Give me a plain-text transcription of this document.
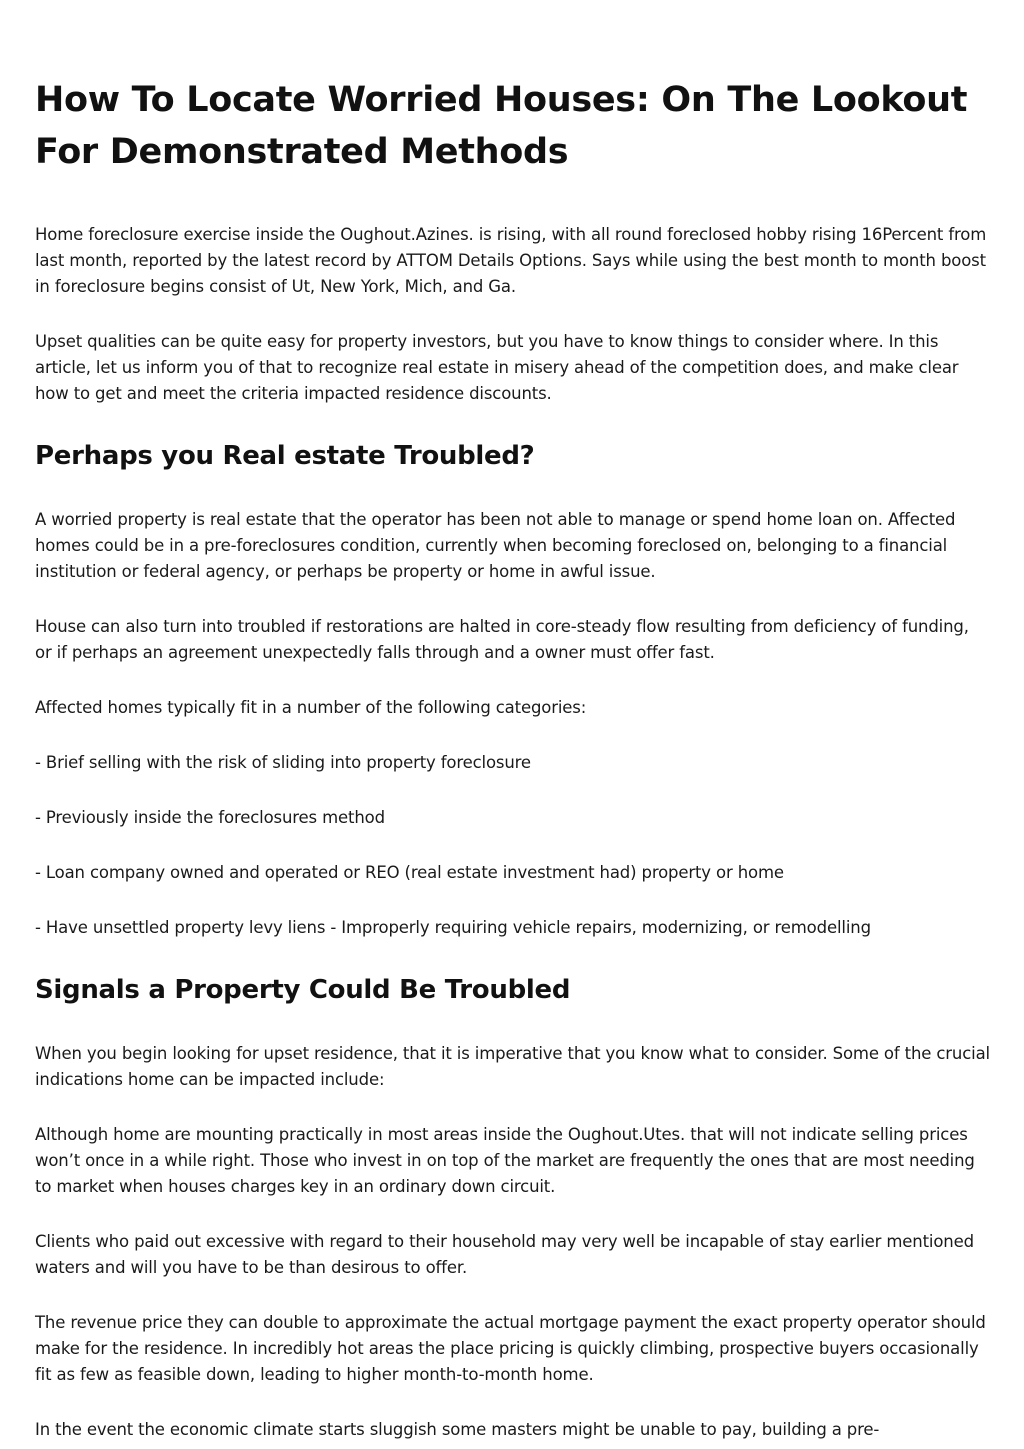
How To Locate Worried Houses: On The Lookout For Demonstrated Methods

Home foreclosure exercise inside the Oughout.Azines. is rising, with all round foreclosed hobby rising 16Percent from last month, reported by the latest record by ATTOM Details Options. Says while using the best month to month boost in foreclosure begins consist of Ut, New York, Mich, and Ga.

Upset qualities can be quite easy for property investors, but you have to know things to consider where. In this article, let us inform you of that to recognize real estate in misery ahead of the competition does, and make clear how to get and meet the criteria impacted residence discounts.

Perhaps you Real estate Troubled?

A worried property is real estate that the operator has been not able to manage or spend home loan on. Affected homes could be in a pre-foreclosures condition, currently when becoming foreclosed on, belonging to a financial institution or federal agency, or perhaps be property or home in awful issue.

House can also turn into troubled if restorations are halted in core-steady flow resulting from deficiency of funding, or if perhaps an agreement unexpectedly falls through and a owner must offer fast.

Affected homes typically fit in a number of the following categories:

- Brief selling with the risk of sliding into property foreclosure

- Previously inside the foreclosures method

- Loan company owned and operated or REO (real estate investment had) property or home

- Have unsettled property levy liens - Improperly requiring vehicle repairs, modernizing, or remodelling

Signals a Property Could Be Troubled

When you begin looking for upset residence, that it is imperative that you know what to consider. Some of the crucial indications home can be impacted include:

Although home are mounting practically in most areas inside the Oughout.Utes. that will not indicate selling prices won’t once in a while right. Those who invest in on top of the market are frequently the ones that are most needing to market when houses charges key in an ordinary down circuit.

Clients who paid out excessive with regard to their household may very well be incapable of stay earlier mentioned waters and will you have to be than desirous to offer.

The revenue price they can double to approximate the actual mortgage payment the exact property operator should make for the residence. In incredibly hot areas the place pricing is quickly climbing, prospective buyers occasionally fit as few as feasible down, leading to higher month-to-month home.

In the event the economic climate starts sluggish some masters might be unable to pay, building a pre-
